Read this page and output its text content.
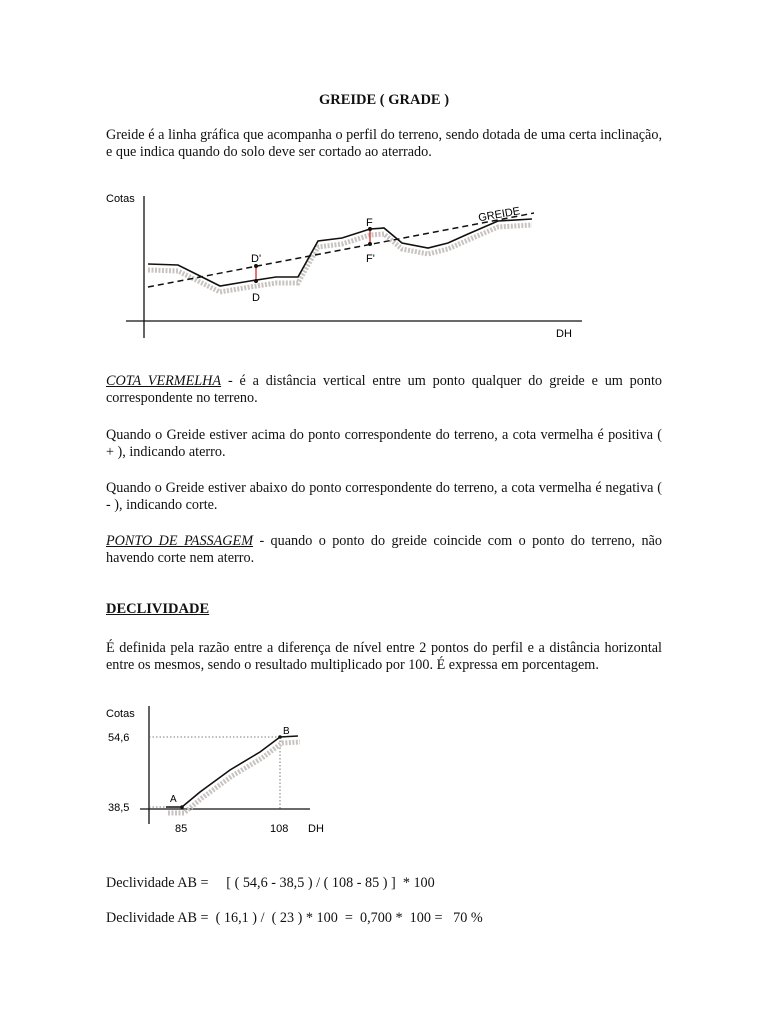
GREIDE ( GRADE )
Greide é a linha gráfica que acompanha o perfil do terreno, sendo dotada de uma certa inclinação, e que indica quando do solo deve ser cortado ao aterrado.
Cotas
DH
GREIDE
D'
D
F
F'
COTA VERMELHA - é a distância vertical entre um ponto qualquer do greide e um ponto correspondente no terreno.
Quando o Greide estiver acima do ponto correspondente do terreno, a cota vermelha é positiva ( + ), indicando aterro.
Quando o Greide estiver abaixo do ponto correspondente do terreno, a cota vermelha é negativa ( - ), indicando corte.
PONTO DE PASSAGEM - quando o ponto do greide coincide com o ponto do terreno, não havendo corte nem aterro.
DECLIVIDADE
É definida pela razão entre a diferença de nível entre 2 pontos do perfil e a distância horizontal entre os mesmos, sendo o resultado multiplicado por 100. É expressa em porcentagem.
Cotas
54,6
38,5
85	108 DH
A
B
Declividade AB =     [ ( 54,6 - 38,5 ) / ( 108 - 85 ) ]  * 100
Declividade AB =  ( 16,1 ) /  ( 23 ) * 100  =  0,700 *  100 =   70 %
